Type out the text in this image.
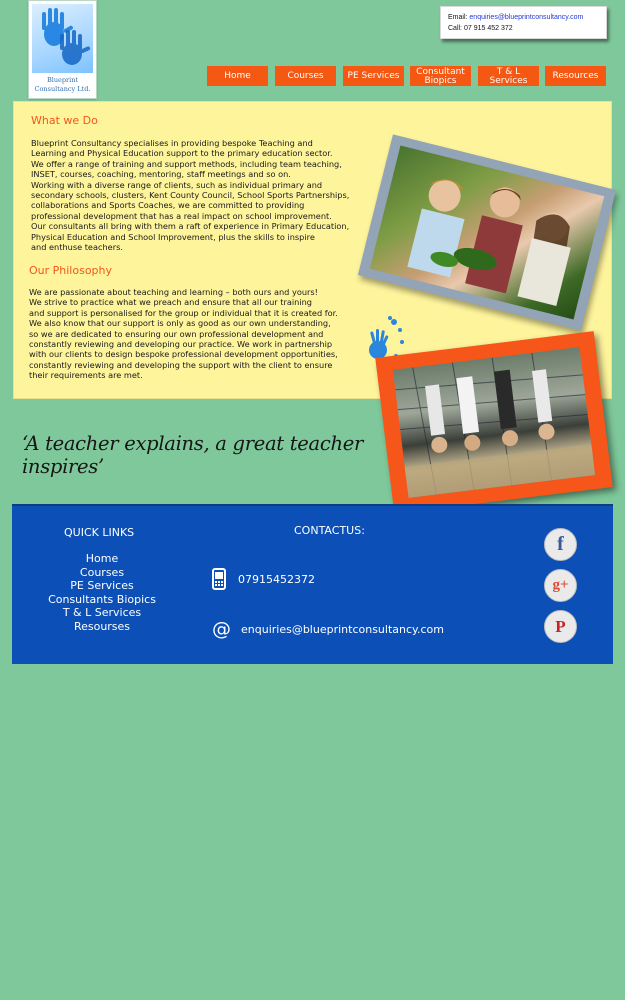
Blueprint
Consultancy Ltd.
Email: enquiries@blueprintconsultancy.com
Call: 07 915 452 372
Home	Courses	PE Services Consultant
Biopics
T & L
Services
Resources
What we Do
Blueprint Consultancy specialises in providing bespoke Teaching and
Learning and Physical Education support to the primary education sector.
We offer a range of training and support methods, including team teaching,
INSET, courses, coaching, mentoring, staff meetings and so on.
Working with a diverse range of clients, such as individual primary and
secondary schools, clusters, Kent County Council, School Sports Partnerships,
collaborations and Sports Coaches, we are committed to providing
professional development that has a real impact on school improvement.
Our consultants all bring with them a raft of experience in Primary Education,
Physical Education and School Improvement, plus the skills to inspire
and enthuse teachers.
Our Philosophy
We are passionate about teaching and learning – both ours and yours!
We strive to practice what we preach and ensure that all our training
and support is personalised for the group or individual that it is created for.
We also know that our support is only as good as our own understanding,
so we are dedicated to ensuring our own professional development and
constantly reviewing and developing our practice. We work in partnership
with our clients to design bespoke professional development opportunities,
constantly reviewing and developing the support with the client to ensure
their requirements are met.
‘A teacher explains, a great teacher inspires’
QUICK LINKS
Home
Courses
PE Services
Consultants Biopics
T & L Services
Resourses
CONTACTUS:
07915452372
@ enquiries@blueprintconsultancy.com
f
g+
P
